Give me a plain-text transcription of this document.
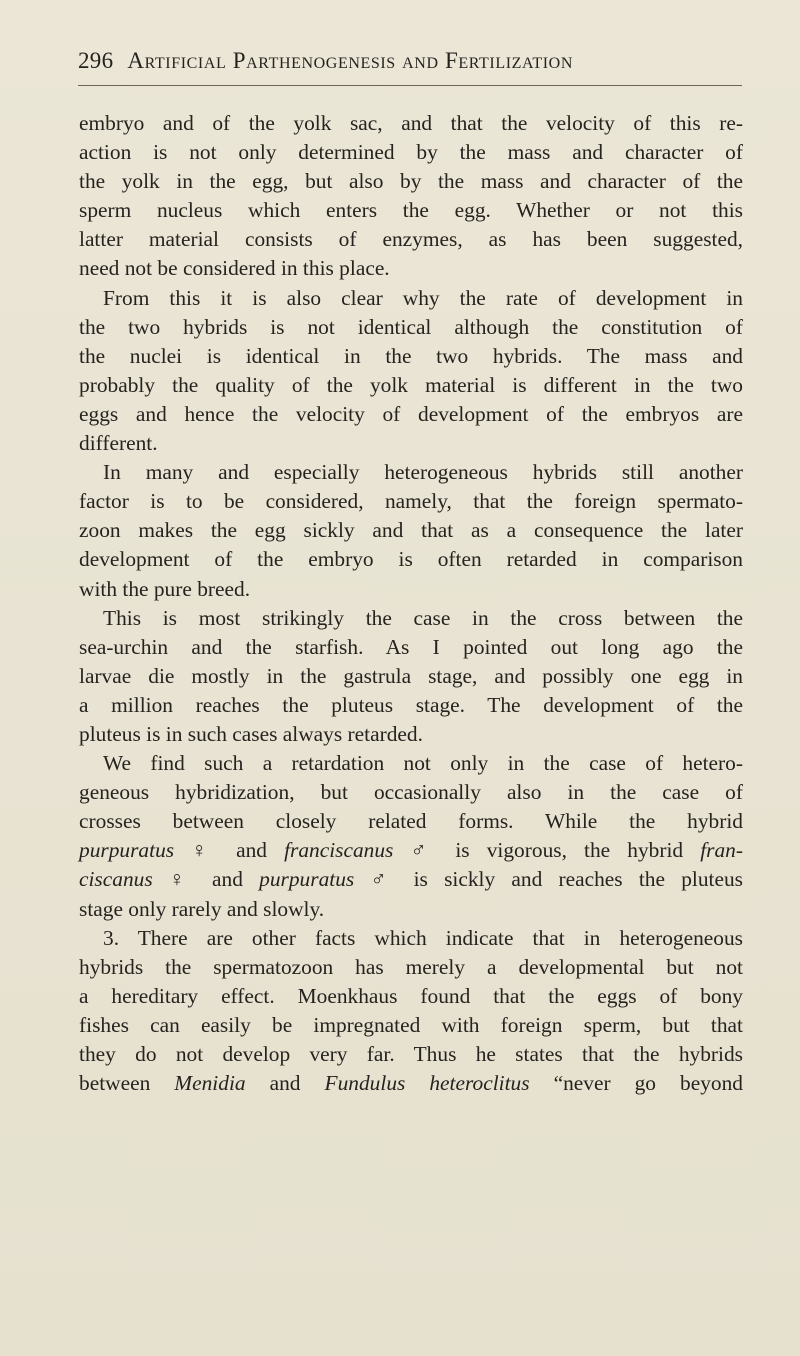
296 Artificial Parthenogenesis and Fertilization
embryo and of the yolk sac, and that the velocity of this re-
action is not only determined by the mass and character of
the yolk in the egg, but also by the mass and character of the
sperm nucleus which enters the egg. Whether or not this
latter material consists of enzymes, as has been suggested,
need not be considered in this place.
From this it is also clear why the rate of development in
the two hybrids is not identical although the constitution of
the nuclei is identical in the two hybrids. The mass and
probably the quality of the yolk material is different in the two
eggs and hence the velocity of development of the embryos are
different.
In many and especially heterogeneous hybrids still another
factor is to be considered, namely, that the foreign spermato-
zoon makes the egg sickly and that as a consequence the later
development of the embryo is often retarded in comparison
with the pure breed.
This is most strikingly the case in the cross between the
sea-urchin and the starfish. As I pointed out long ago the
larvae die mostly in the gastrula stage, and possibly one egg in
a million reaches the pluteus stage. The development of the
pluteus is in such cases always retarded.
We find such a retardation not only in the case of hetero-
geneous hybridization, but occasionally also in the case of
crosses between closely related forms. While the hybrid
purpuratus ♀ and franciscanus ♂ is vigorous, the hybrid fran-
ciscanus ♀ and purpuratus ♂ is sickly and reaches the pluteus
stage only rarely and slowly.
3. There are other facts which indicate that in heterogeneous
hybrids the spermatozoon has merely a developmental but not
a hereditary effect. Moenkhaus found that the eggs of bony
fishes can easily be impregnated with foreign sperm, but that
they do not develop very far. Thus he states that the hybrids
between Menidia and Fundulus heteroclitus “never go beyond
